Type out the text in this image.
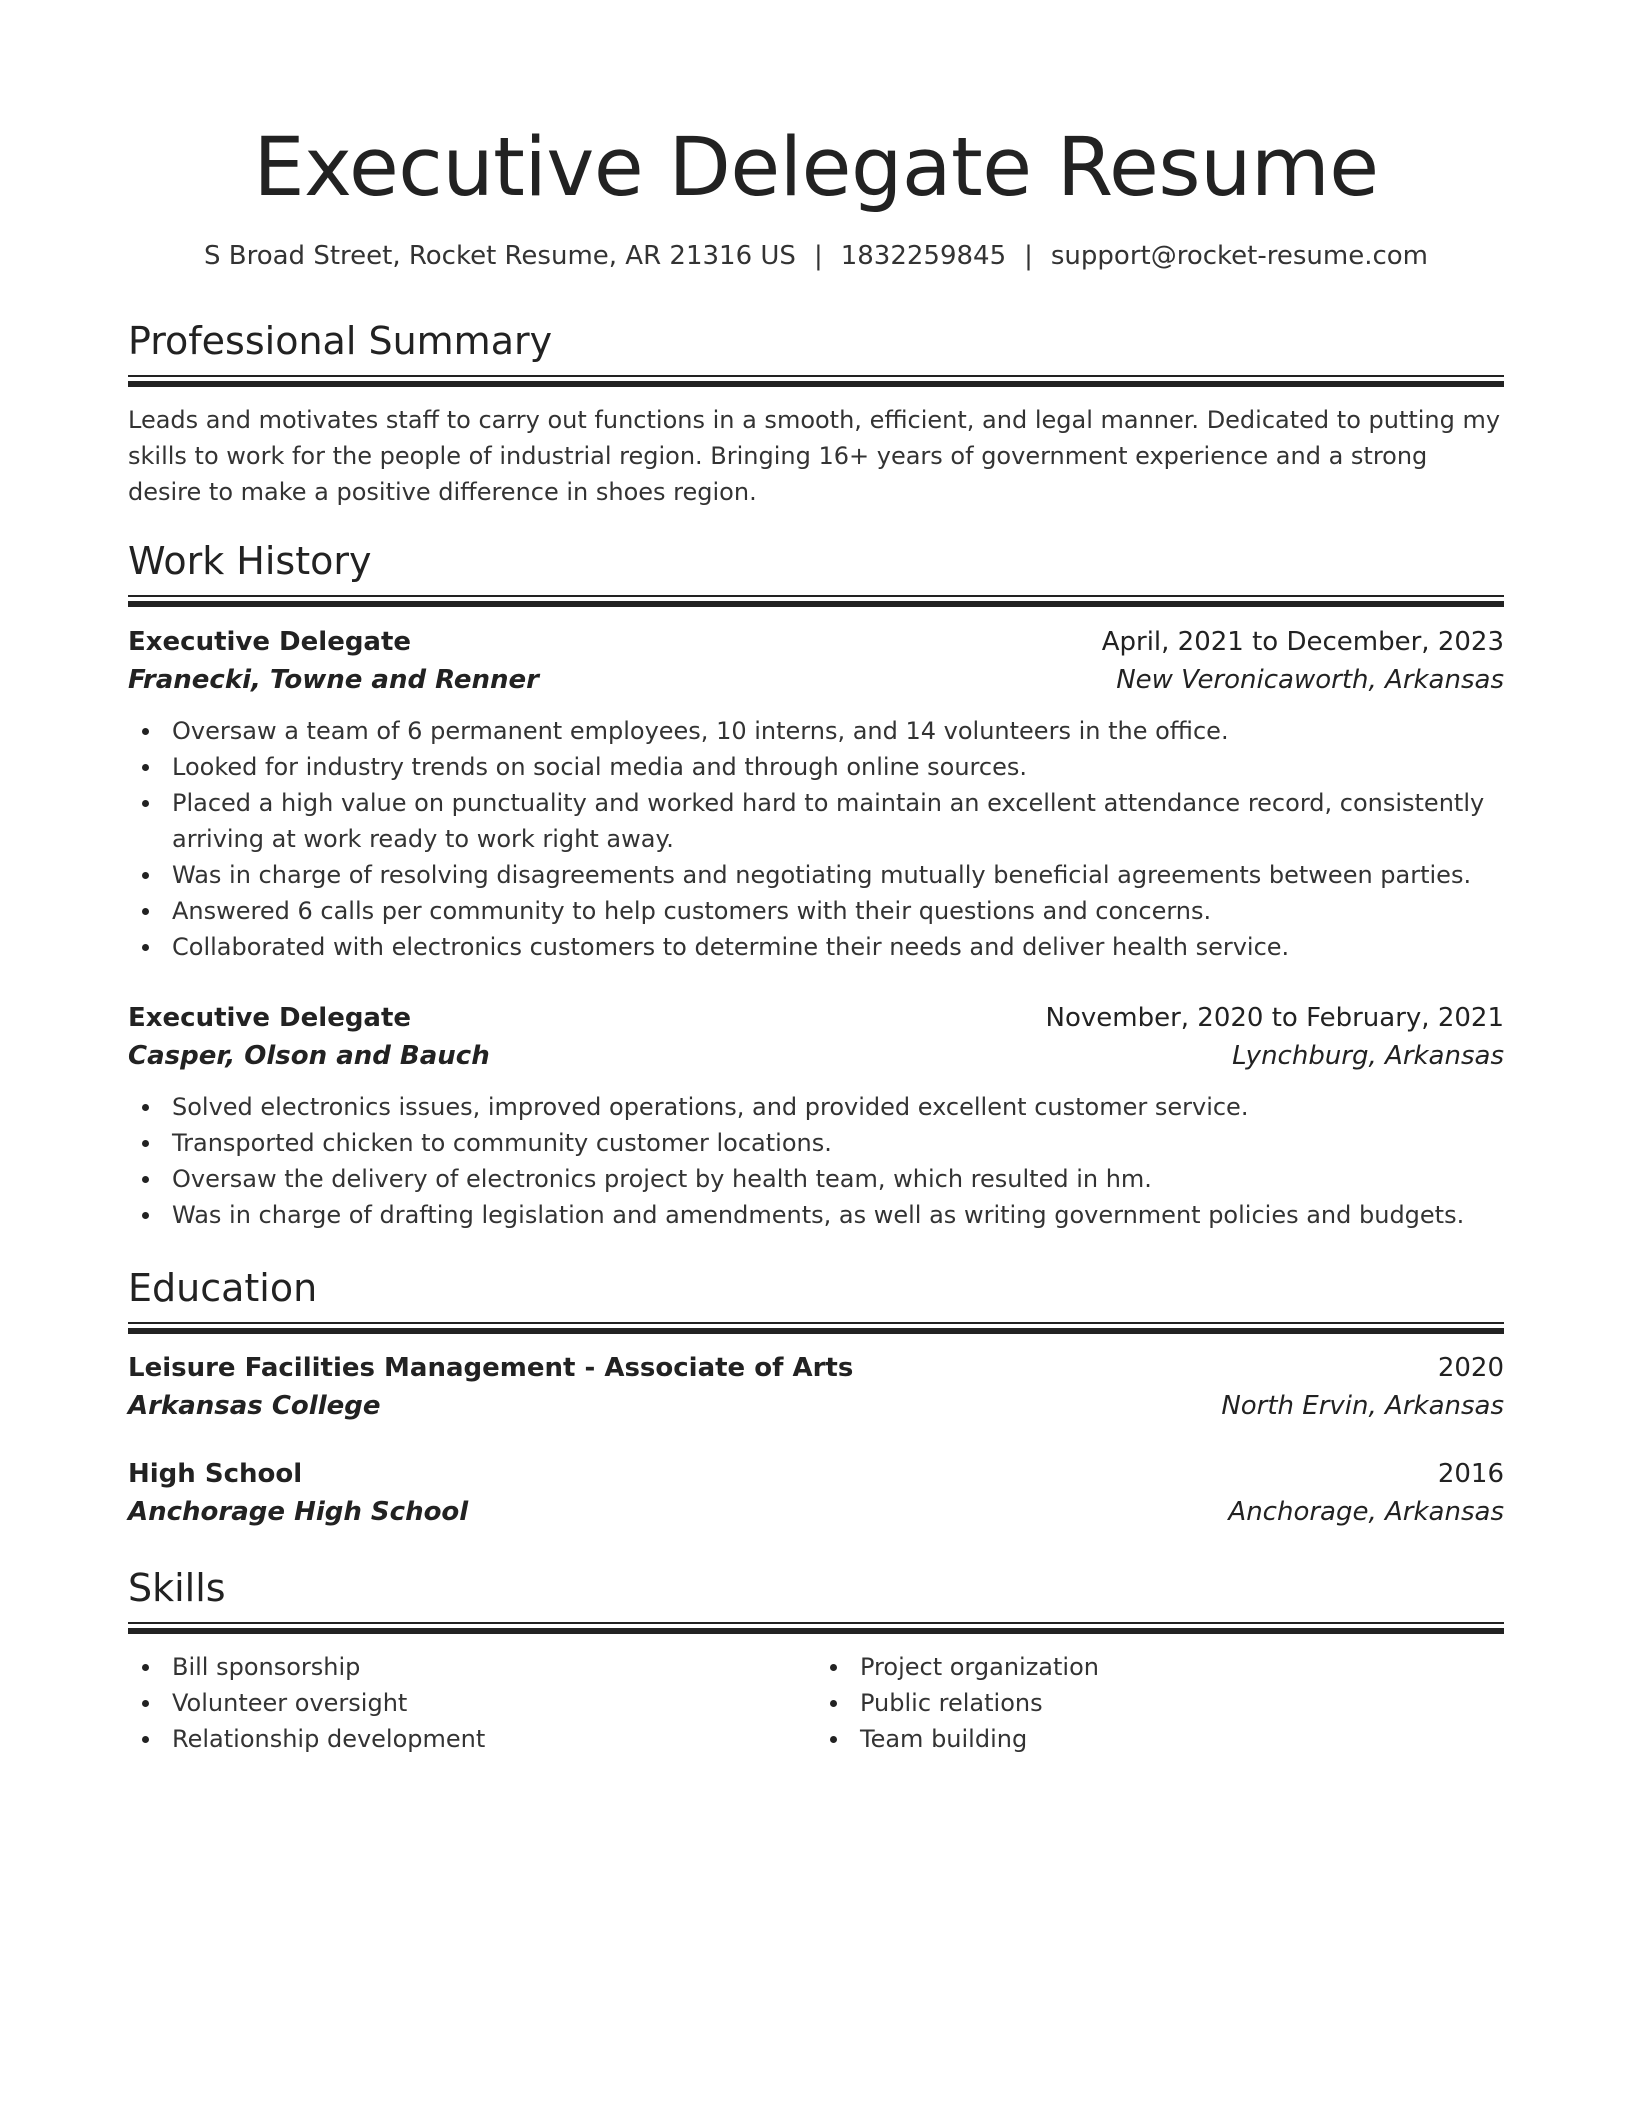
Executive Delegate Resume
S Broad Street, Rocket Resume, AR 21316 US | 1832259845 | support@rocket-resume.com
Professional Summary

Leads and motivates staff to carry out functions in a smooth, efficient, and legal manner. Dedicated to putting my skills to work for the people of industrial region. Bringing 16+ years of government experience and a strong desire to make a positive difference in shoes region.

Work History
Executive Delegate	April, 2021 to December, 2023
Franecki, Towne and Renner	New Veronicaworth, Arkansas
Oversaw a team of 6 permanent employees, 10 interns, and 14 volunteers in the office.
Looked for industry trends on social media and through online sources.
Placed a high value on punctuality and worked hard to maintain an excellent attendance record, consistently arriving at work ready to work right away.
Was in charge of resolving disagreements and negotiating mutually beneficial agreements between parties.
Answered 6 calls per community to help customers with their questions and concerns.
Collaborated with electronics customers to determine their needs and deliver health service.
Executive Delegate	November, 2020 to February, 2021
Casper, Olson and Bauch	Lynchburg, Arkansas
Solved electronics issues, improved operations, and provided excellent customer service.
Transported chicken to community customer locations.
Oversaw the delivery of electronics project by health team, which resulted in hm.
Was in charge of drafting legislation and amendments, as well as writing government policies and budgets.
Education
Leisure Facilities Management - Associate of Arts	2020
Arkansas College	North Ervin, Arkansas
High School	2016
Anchorage High School	Anchorage, Arkansas
Skills
Bill sponsorship
Volunteer oversight
Relationship development
Project organization
Public relations
Team building
